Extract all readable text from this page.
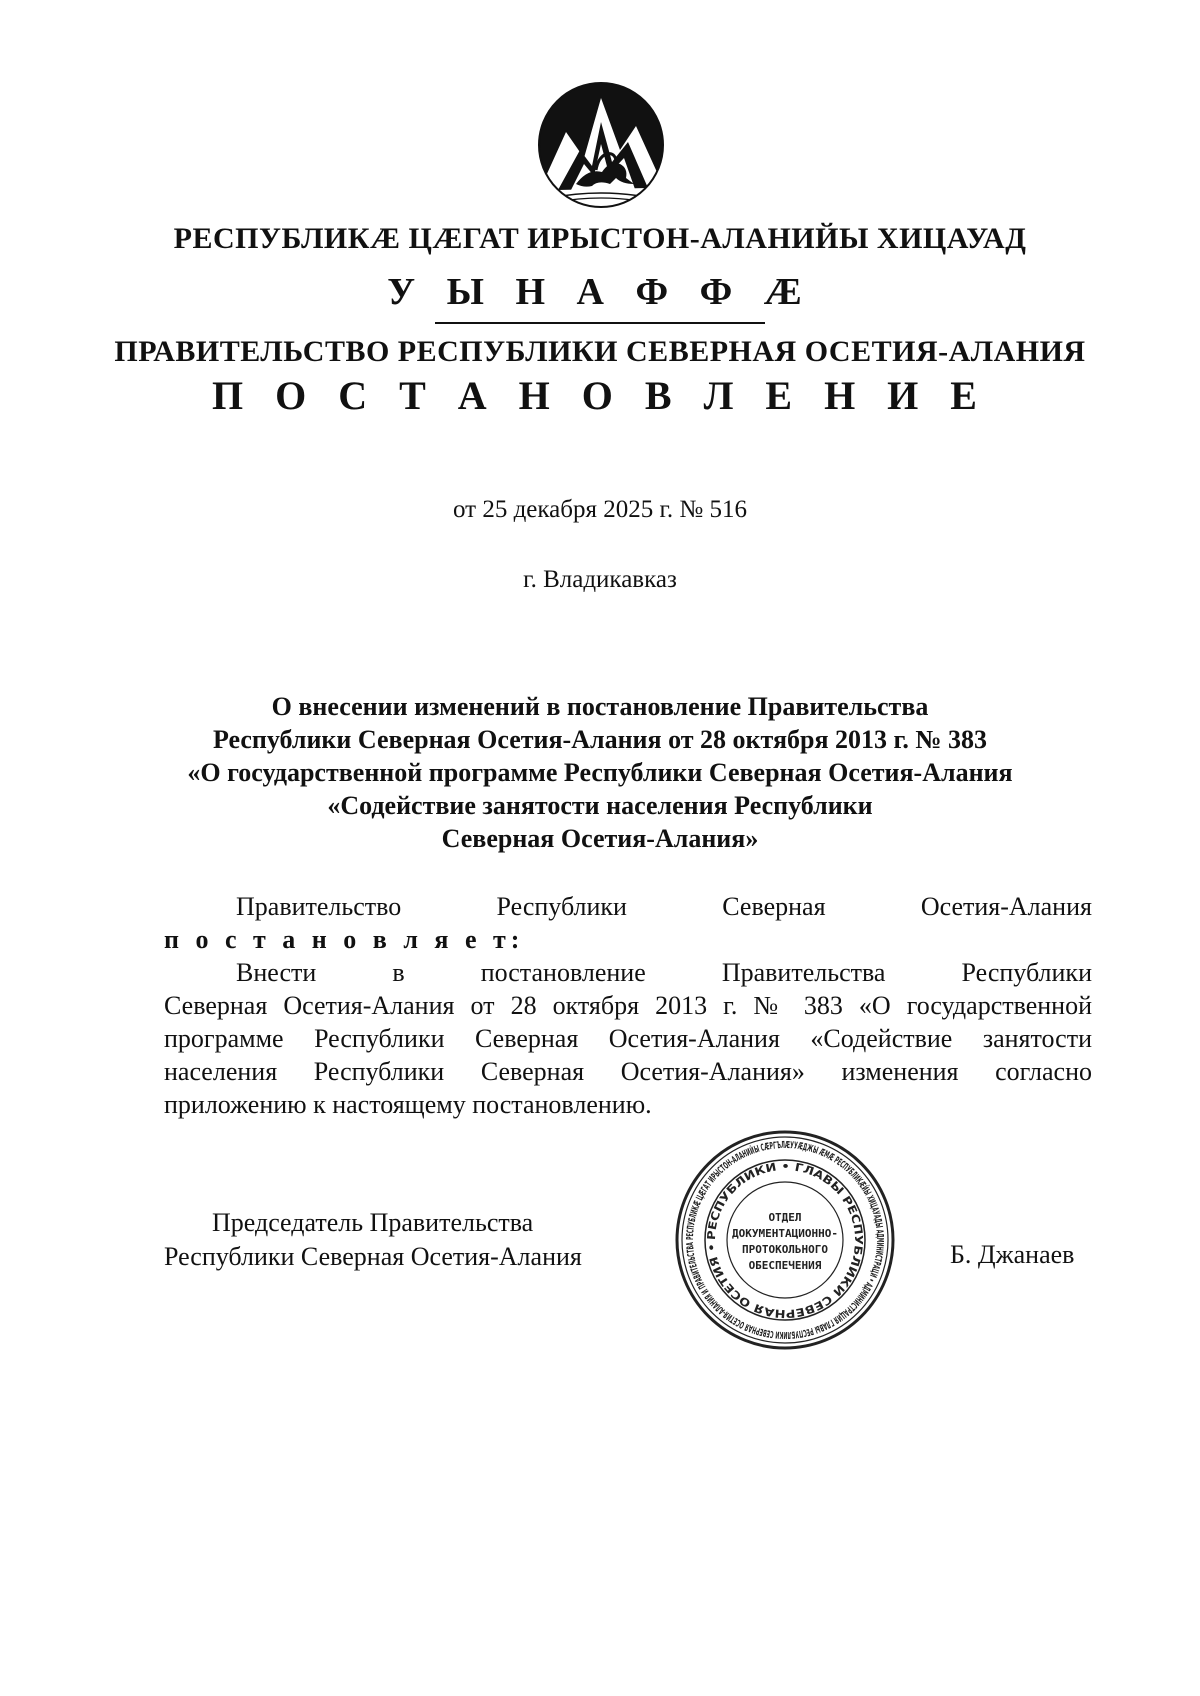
РЕСПУБЛИКÆ ЦÆГАТ ИРЫСТОН-АЛАНИЙЫ ХИЦАУАД
У Ы Н А Ф Ф Æ
ПРАВИТЕЛЬСТВО РЕСПУБЛИКИ СЕВЕРНАЯ ОСЕТИЯ-АЛАНИЯ
П О С Т А Н О В Л Е Н И Е
от 25 декабря 2025 г. № 516
г. Владикавказ
О внесении изменений в постановление Правительства
Республики Северная Осетия-Алания от 28 октября 2013 г. № 383
«О государственной программе Республики Северная Осетия-Алания
«Содействие занятости населения Республики
Северная Осетия-Алания»
Правительство	Республики	Северная	Осетия-Алания
п о с т а н о в л я е т:
Внести	в	постановление	Правительства	Республики
Северная Осетия-Алания от 28 октября 2013 г. № 383 «О государственной
программе Республики Северная Осетия-Алания «Содействие занятости
населения Республики Северная Осетия-Алания» изменения согласно
приложению к настоящему постановлению.
Председатель Правительства
Республики Северная Осетия-Алания
РЕСПУБЛИКÆ ЦÆГАТ ИРЫСТОН-АЛАНИЙЫ СÆРГЪЛÆУУÆДЖЫ ÆМÆ РЕСПУБЛИКÆЙЫ ХИЦАУАДЫ АДМИНИСТРАЦИ • АДМИНИСТРАЦИЯ ГЛАВЫ РЕСПУБЛИКИ СЕВЕРНАЯ ОСЕТИЯ-АЛАНИЯ И ПРАВИТЕЛЬСТВА
РЕСПУБЛИКИ • ГЛАВЫ РЕСПУБЛИКИ СЕВЕРНАЯ ОСЕТИЯ •
ОТДЕЛ
ДОКУМЕНТАЦИОННО-
ПРОТОКОЛЬНОГО
ОБЕСПЕЧЕНИЯ	Б. Джанаев
